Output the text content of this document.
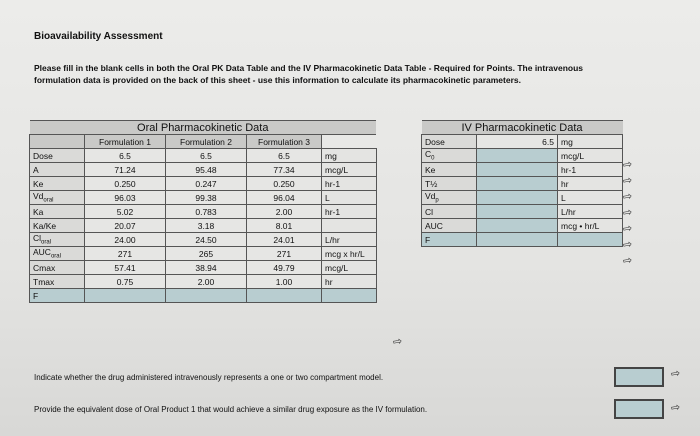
Bioavailability Assessment
Please fill in the blank cells in both the Oral PK Data Table and the IV Pharmacokinetic Data Table - Required for Points. The intravenous formulation data is provided on the back of this sheet - use this information to calculate its pharmacokinetic parameters.
Oral Pharmacokinetic Data				
	Formulation 1	Formulation 2	Formulation 3	
Dose	6.5	6.5	6.5	mg
A	71.24	95.48	77.34	mcg/L
Ke	0.250	0.247	0.250	hr-1
$Vd_{oral}$	96.03	99.38	96.04	L
Ka	5.02	0.783	2.00	hr-1
Ka/Ke	20.07	3.18	8.01	
$Cl_{oral}$	24.00	24.50	24.01	L/hr
$AUC_{oral}$	271	265	271	mcg x hr/L
Cmax	57.41	38.94	49.79	mcg/L
Tmax	0.75	2.00	1.00	hr
F				
IV Pharmacokinetic Data		
Dose	6.5	mg
$C_0$		mcg/L
Ke		hr-1
T½		hr
$Vd_p$		L
Cl		L/hr
AUC		mcg • hr/L
F		
⇨
⇨
⇨
⇨
⇨
⇨
⇨
⇨
Indicate whether the drug administered intravenously represents a one or two compartment model.	⇨
Provide the equivalent dose of Oral Product 1 that would achieve a similar drug exposure as the IV formulation.	⇨
